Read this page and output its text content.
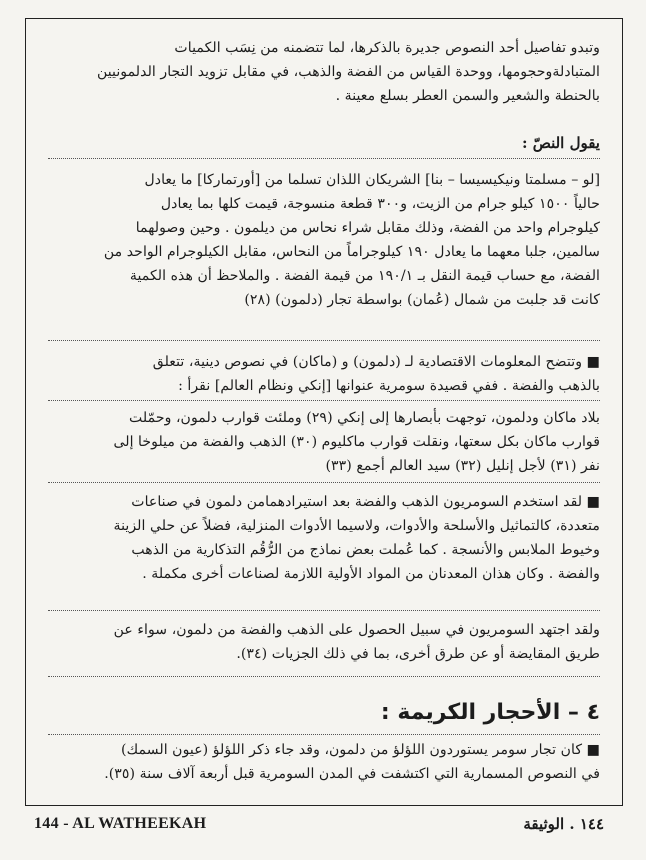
وتبدو تفاصيل أحد النصوص جديرة بالذكرها، لما تتضمنه من نِسَب الكميات
المتبادلةوحجومها، ووحدة القياس من الفضة والذهب، في مقابل تزويد التجار الدلمونيين
بالحنطة والشعير والسمن العطر بسلع معينة .
يقول النصّ :
[لو – مسلمتا ونيكيسيسا – بنا] الشريكان اللذان تسلما من [أورتماركا] ما يعادل
حالياً ١٥٠٠ كيلو جرام من الزيت، و٣٠٠ قطعة منسوجة، قيمت كلها بما يعادل
كيلوجرام واحد من الفضة، وذلك مقابل شراء نحاس من ديلمون . وحين وصولهما
سالمين، جلبا معهما ما يعادل ١٩٠ كيلوجراماً من النحاس، مقابل الكيلوجرام الواحد من
الفضة، مع حساب قيمة النقل بـ ١٩٠/١ من قيمة الفضة . والملاحظ أن هذه الكمية
كانت قد جلبت من شمال (عُمان) بواسطة تجار (دلمون) (٢٨)
■ وتتضح المعلومات الاقتصادية لـ (دلمون) و (ماكان) في نصوص دينية، تتعلق
بالذهب والفضة . ففي قصيدة سومرية عنوانها [إنكي ونظام العالم] نقرأ :
بلاد ماكان ودلمون، توجهت بأبصارها إلى إنكي (٢٩) وملئت قوارب دلمون، وحمّلت
قوارب ماكان بكل سعتها، ونقلت قوارب ماكليوم (٣٠) الذهب والفضة من ميلوخا إلى
نفر (٣١) لأجل إنليل (٣٢) سيد العالم أجمع (٣٣)
■ لقد استخدم السومريون الذهب والفضة بعد استيرادهمامن دلمون في صناعات
متعددة، كالتماثيل والأسلحة والأدوات، ولاسيما الأدوات المنزلية، فضلاً عن حلي الزينة
وخيوط الملابس والأنسجة . كما عُملت بعض نماذج من الرُّقُم التذكارية من الذهب
والفضة . وكان هذان المعدنان من المواد الأولية اللازمة لصناعات أخرى مكملة .
ولقد اجتهد السومريون في سبيل الحصول على الذهب والفضة من دلمون، سواء عن
طريق المقايضة أو عن طرق أخرى، بما في ذلك الجزيات (٣٤).
٤ – الأحجار الكريمة :
■ كان تجار سومر يستوردون اللؤلؤ من دلمون، وقد جاء ذكر اللؤلؤ (عيون السمك)
في النصوص المسمارية التي اكتشفت في المدن السومرية قبل أربعة آلاف سنة (٣٥).
144 - AL WATHEEKAH	١٤٤ . الوثيقة
